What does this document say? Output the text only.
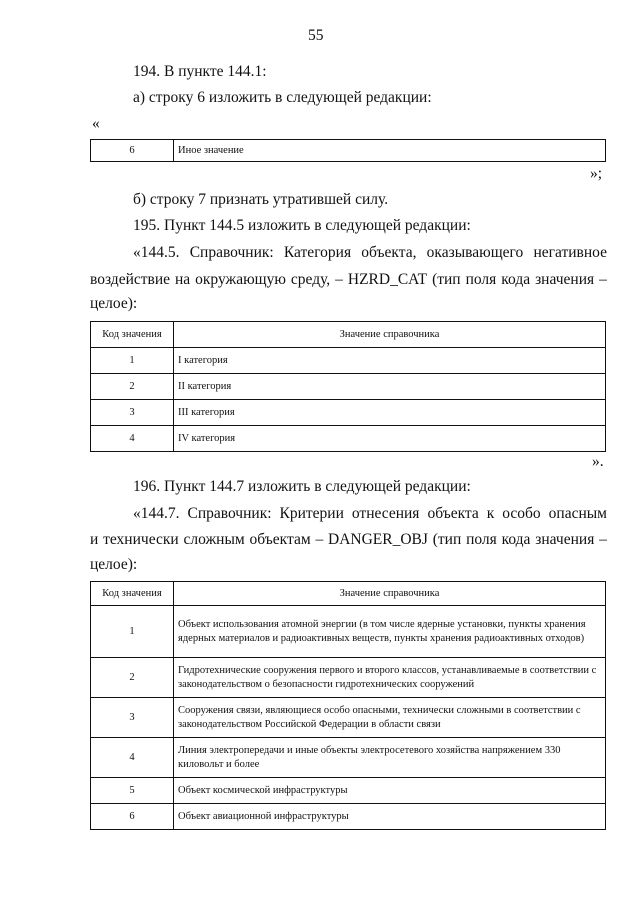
55
194. В пункте 144.1:
а) строку 6 изложить в следующей редакции:
«
6	Иное значение
»;
б) строку 7 признать утратившей силу.
195. Пункт 144.5 изложить в следующей редакции:
«144.5. Справочник: Категория объекта, оказывающего негативное
воздействие на окружающую среду, – HZRD_CAT (тип поля кода значения –
целое):
Код значения	Значение справочника
1	I категория
2	II категория
3	III категория
4	IV категория
».
196. Пункт 144.7 изложить в следующей редакции:
«144.7. Справочник: Критерии отнесения объекта к особо опасным
и технически сложным объектам – DANGER_OBJ (тип поля кода значения –
целое):
Код значения	Значение справочника
1	Объект использования атомной энергии (в том числе ядерные установки, пункты хранения ядерных материалов и радиоактивных веществ, пункты хранения радиоактивных отходов)
2	Гидротехнические сооружения первого и второго классов, устанавливаемые в соответствии с законодательством о безопасности гидротехнических сооружений
3	Сооружения связи, являющиеся особо опасными, технически сложными в соответствии с законодательством Российской Федерации в области связи
4	Линия электропередачи и иные объекты электросетевого хозяйства напряжением 330 киловольт и более
5	Объект космической инфраструктуры
6	Объект авиационной инфраструктуры
